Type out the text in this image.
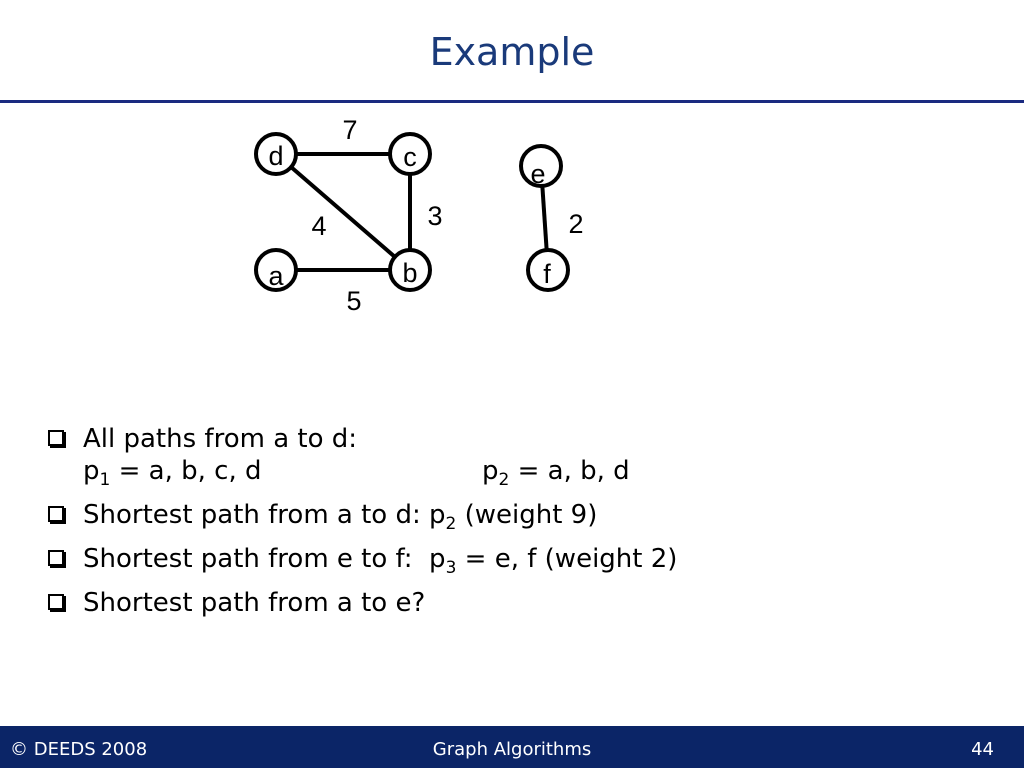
Example
d	c
a	b
e
f
7
3
4
5
2
All paths from a to d:
$p_1 = a$, b, c, d	$p_2 = a$, b, d
Shortest path from a to d: $p_2$ (weight 9)
Shortest path from e to f:  $p_3 = e$, f (weight 2)
Shortest path from a to e?
© DEEDS 2008	Graph Algorithms	44
